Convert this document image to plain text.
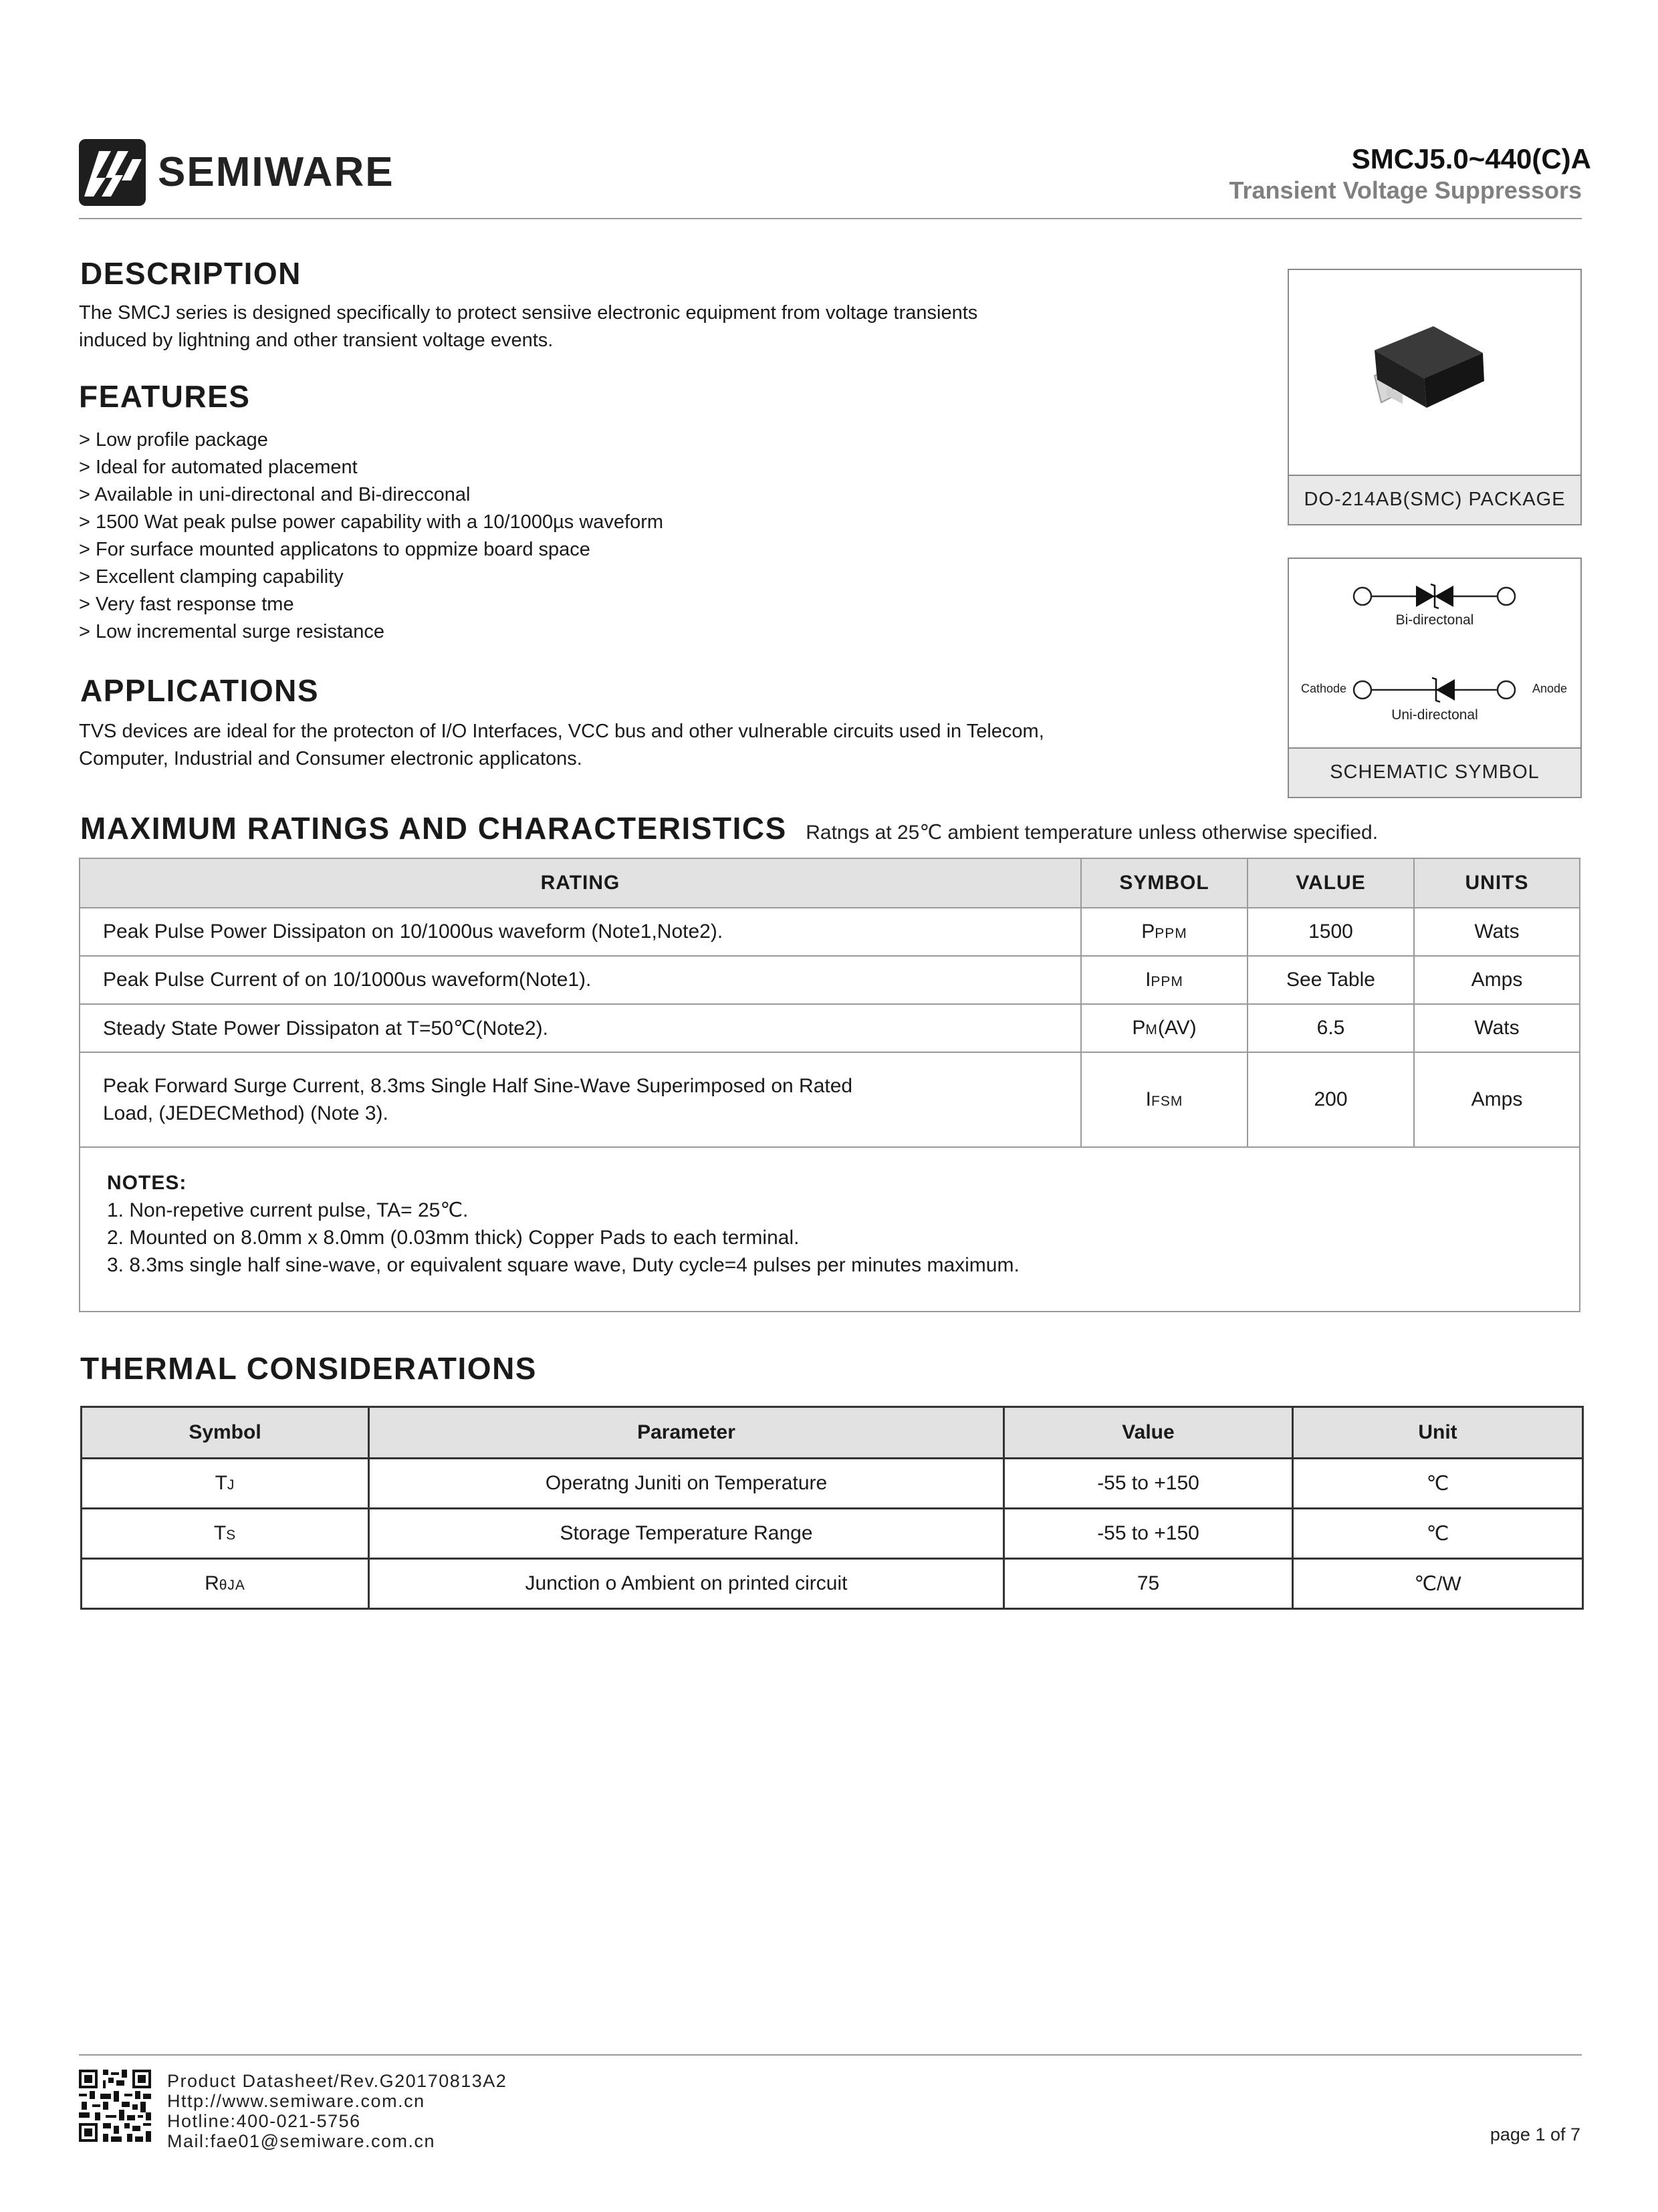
SEMIWARE	SMCJ5.0~440(C)A
Transient Voltage Suppressors
DESCRIPTION
The SMCJ series is designed specifically to protect sensiive electronic equipment from voltage transients
induced by lightning and other transient voltage events.
FEATURES
> Low profile package
> Ideal for automated placement
> Available in uni-directonal and Bi-direcconal
> 1500 Wat peak pulse power capability with a 10/1000µs waveform
> For surface mounted applicatons to oppmize board space
> Excellent clamping capability
> Very fast response tme
> Low incremental surge resistance
APPLICATIONS
TVS devices are ideal for the protecton of I/O Interfaces, VCC bus and other vulnerable circuits used in Telecom,
Computer, Industrial and Consumer electronic applicatons.
DO-214AB(SMC) PACKAGE
Bi-directonal
Cathode	Anode
Uni-directonal
SCHEMATIC SYMBOL
MAXIMUM RATINGS AND CHARACTERISTICS Ratngs at 25℃ ambient temperature unless otherwise specified.
RATING	SYMBOL	VALUE	UNITS
Peak Pulse Power Dissipaton on 10/1000us waveform (Note1,Note2).	PPPM	1500	Wats
Peak Pulse Current of on 10/1000us waveform(Note1).	IPPM	See Table	Amps
Steady State Power Dissipaton at T=50℃(Note2).	PM(AV)	6.5	Wats

Peak Forward Surge Current, 8.3ms Single Half Sine-Wave Superimposed on Rated
Load, (JEDECMethod) (Note 3).	IFSM	200	Amps

NOTES:
1. Non-repetive current pulse, TA= 25℃.
2. Mounted on 8.0mm x 8.0mm (0.03mm thick) Copper Pads to each terminal.
3. 8.3ms single half sine-wave, or equivalent square wave, Duty cycle=4 pulses per minutes maximum.			
THERMAL CONSIDERATIONS
Symbol	Parameter	Value	Unit
TJ	Operatng Juniti on Temperature	-55 to +150	℃
TS	Storage Temperature Range	-55 to +150	℃
RθJA	Junction o Ambient on printed circuit	75	℃/W
Product Datasheet/Rev.G20170813A2
Http://www.semiware.com.cn
Hotline:400-021-5756
Mail:fae01@semiware.com.cn	page 1 of 7
